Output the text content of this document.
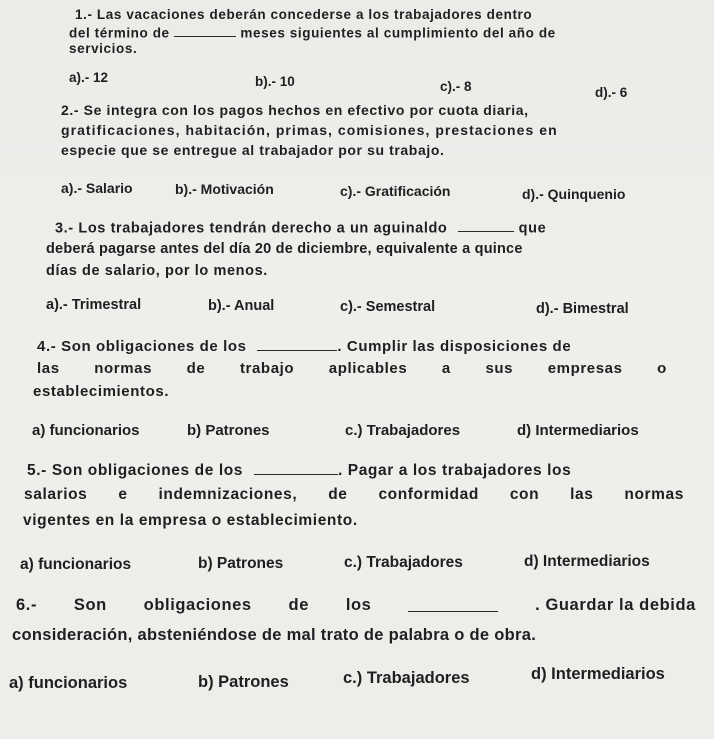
1.- Las vacaciones deberán concederse a los trabajadores dentro
del término de	meses siguientes al cumplimiento del año de
servicios.
a).- 12	b).- 10	c).- 8	d).- 6
2.- Se integra con los pagos hechos en efectivo por cuota diaria,
gratificaciones, habitación, primas, comisiones, prestaciones en
especie que se entregue al trabajador por su trabajo.
a).- Salario	b).- Motivación	c).- Gratificación	d).- Quinquenio
3.- Los trabajadores tendrán derecho a un aguinaldo	que
deberá pagarse antes del día 20 de diciembre, equivalente a quince
días de salario, por lo menos.
a).- Trimestral	b).- Anual	c).- Semestral	d).- Bimestral
4.- Son obligaciones de los	. Cumplir las disposiciones de
las normas de trabajo aplicables a sus empresas o
establecimientos.
a) funcionarios	b) Patrones	c.) Trabajadores	d) Intermediarios
5.- Son obligaciones de los	. Pagar a los trabajadores los
salarios e indemnizaciones, de conformidad con las normas
vigentes en la empresa o establecimiento.
a) funcionarios	b) Patrones	c.) Trabajadores	d) Intermediarios
6.- Son obligaciones de los	. Guardar la debida
consideración, absteniéndose de mal trato de palabra o de obra.
a) funcionarios	b) Patrones	c.) Trabajadores	d) Intermediarios
